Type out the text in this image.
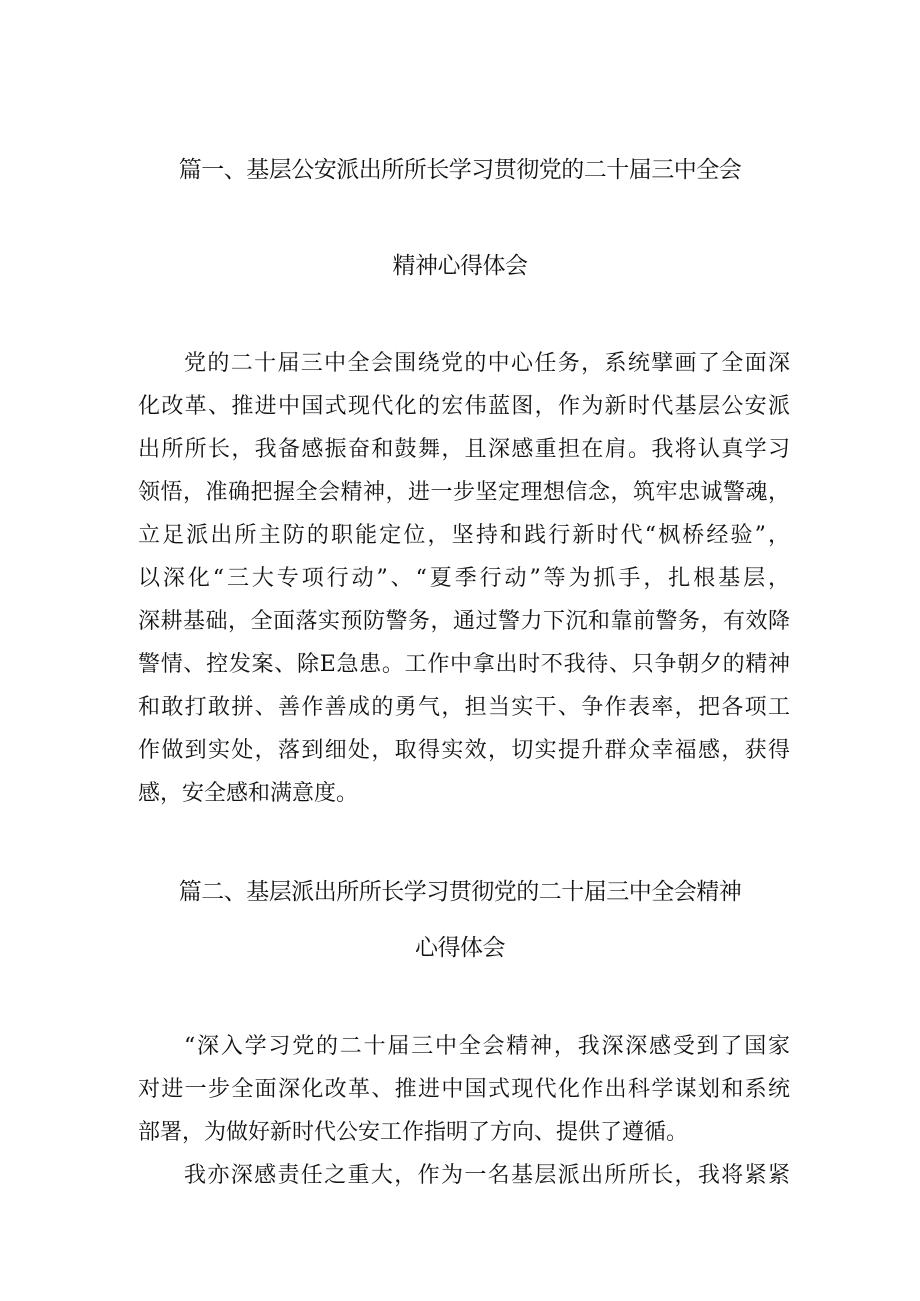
篇一、基层公安派出所所长学习贯彻党的二十届三中全会
精神心得体会

党的二十届三中全会围绕党的中心任务，系统擘画了全面深

化改革、推进中国式现代化的宏伟蓝图，作为新时代基层公安派

出所所长，我备感振奋和鼓舞，且深感重担在肩。我将认真学习

领悟，准确把握全会精神，进一步坚定理想信念，筑牢忠诚警魂，

立足派出所主防的职能定位，坚持和践行新时代“枫桥经验”，

以深化“三大专项行动”、“夏季行动”等为抓手，扎根基层，

深耕基础，全面落实预防警务，通过警力下沉和靠前警务，有效降

警情、控发案、除E急患。工作中拿出时不我待、只争朝夕的精神

和敢打敢拼、善作善成的勇气，担当实干、争作表率，把各项工

作做到实处，落到细处，取得实效，切实提升群众幸福感，获得

感，安全感和满意度。

篇二、基层派出所所长学习贯彻党的二十届三中全会精神
心得体会

“深入学习党的二十届三中全会精神，我深深感受到了国家

对进一步全面深化改革、推进中国式现代化作出科学谋划和系统

部署，为做好新时代公安工作指明了方向、提供了遵循。

我亦深感责任之重大，作为一名基层派出所所长，我将紧紧
